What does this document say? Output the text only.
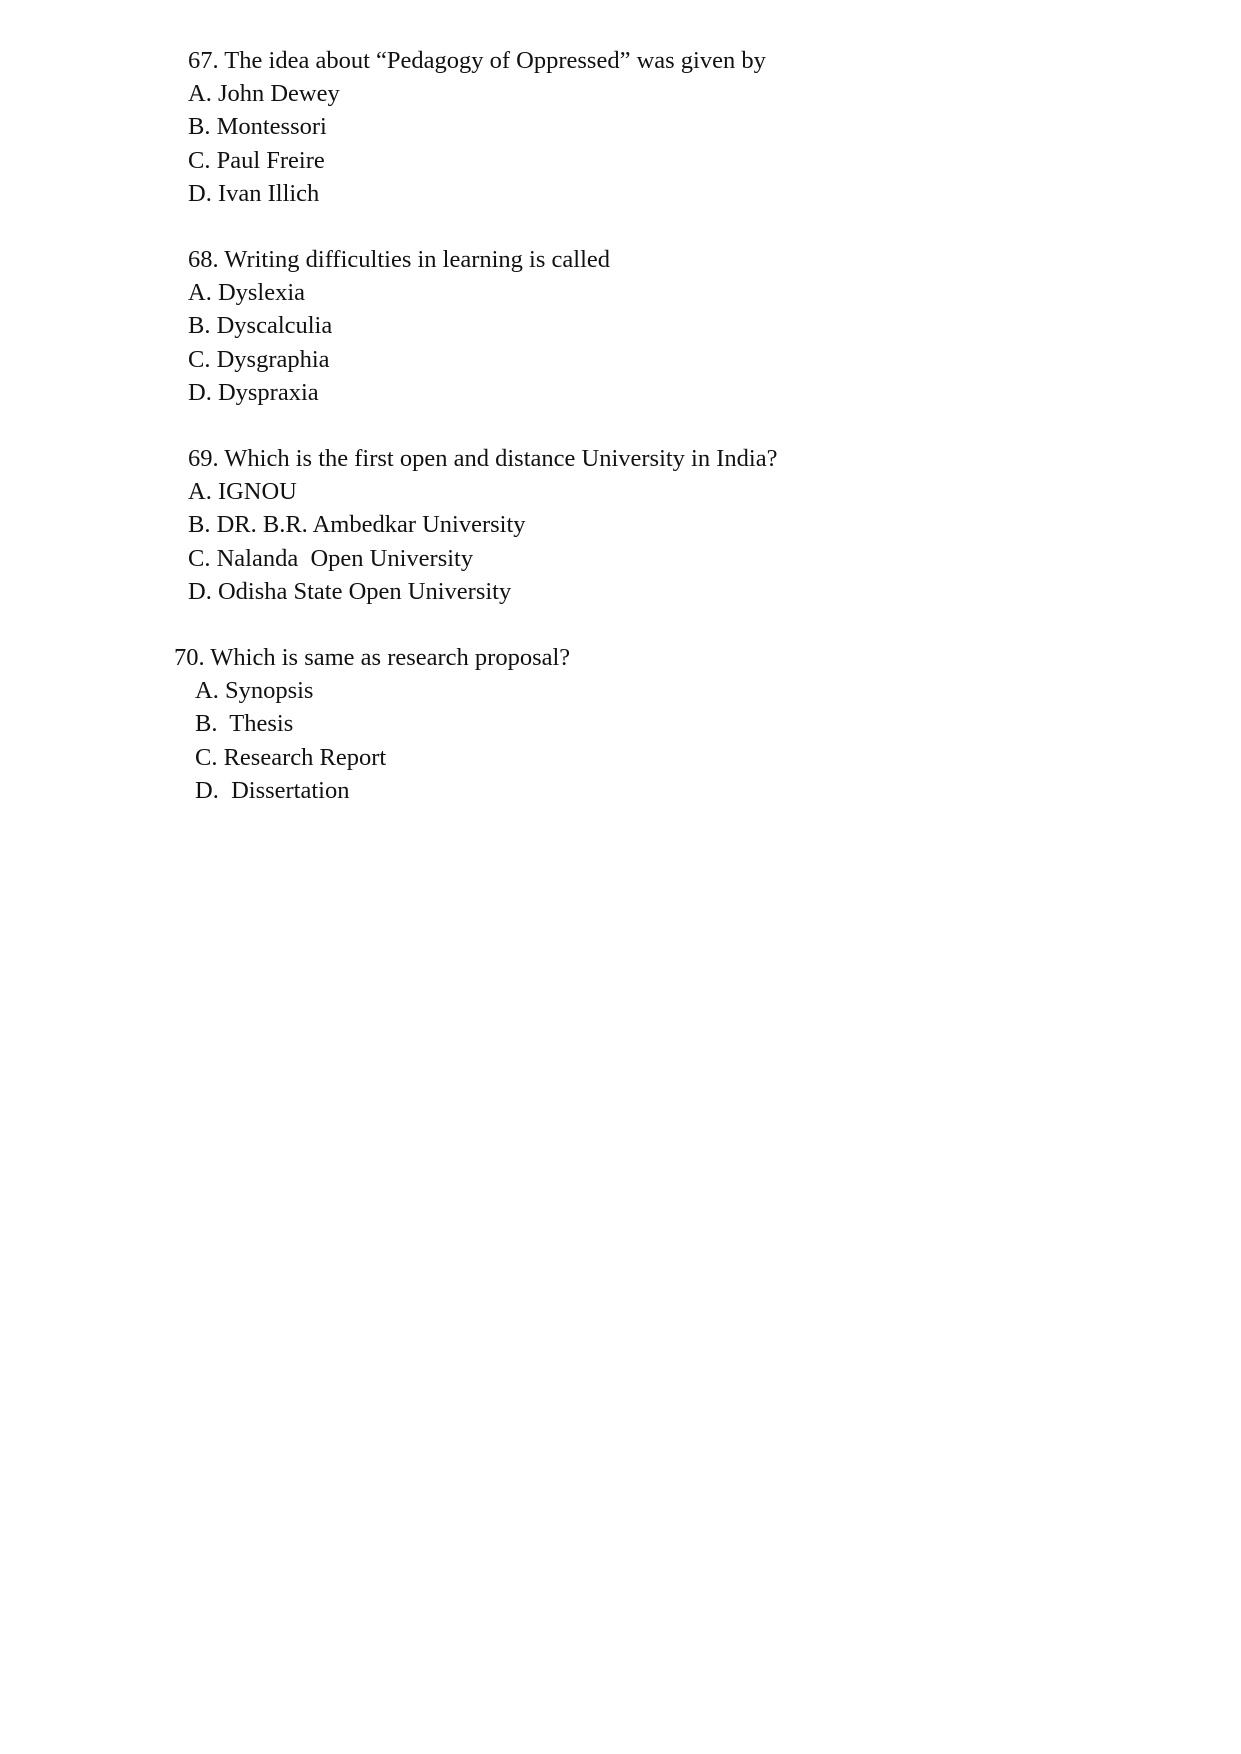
67. The idea about “Pedagogy of Oppressed” was given by
A. John Dewey
B. Montessori
C. Paul Freire
D. Ivan Illich
68. Writing difficulties in learning is called
A. Dyslexia
B. Dyscalculia
C. Dysgraphia
D. Dyspraxia
69. Which is the first open and distance University in India?
A. IGNOU
B. DR. B.R. Ambedkar University
C. Nalanda  Open University
D. Odisha State Open University
70. Which is same as research proposal?
A. Synopsis
B.  Thesis
C. Research Report
D.  Dissertation
